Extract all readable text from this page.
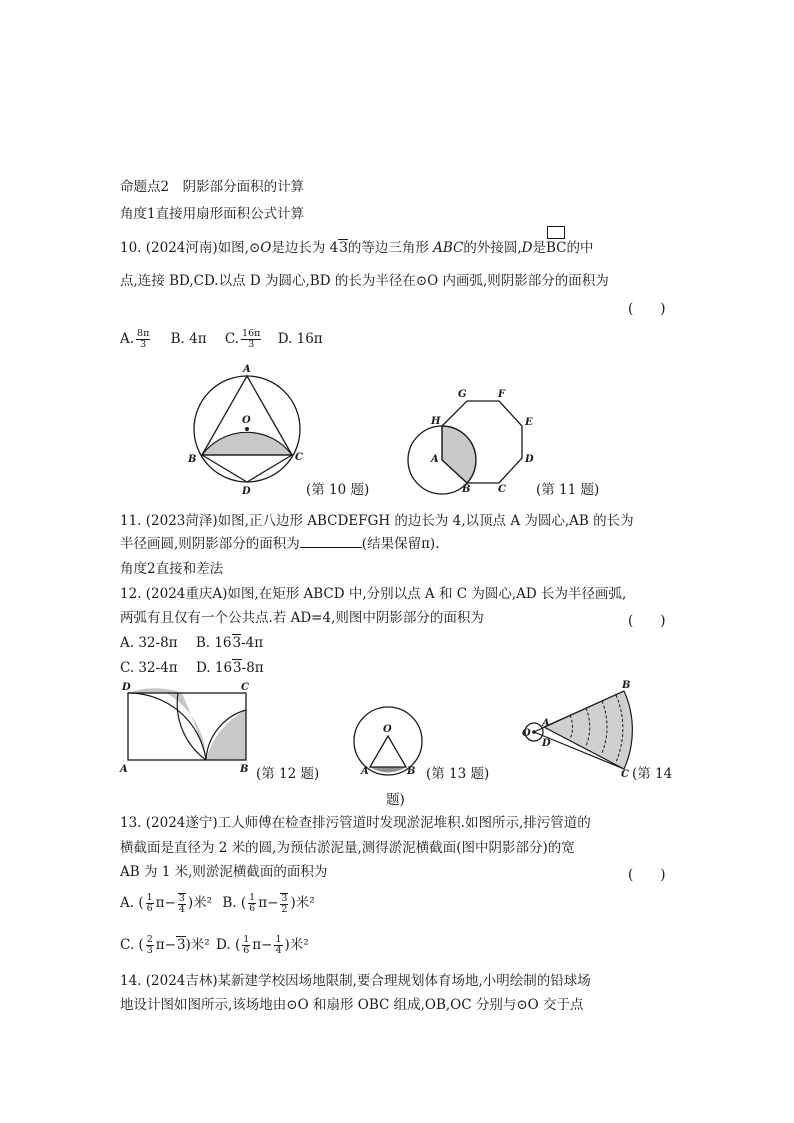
命题点2　阴影部分面积的计算
角度1直接用扇形面积公式计算
10. (2024河南)如图,⊙O是边长为 43的等边三角形 ABC的外接圆,D是
BC的中
点,连接 BD,CD.以点 D 为圆心,BD 的长为半径在⊙O 内画弧,则阴影部分的面积为
(　　)
A. $\frac{8\pi}{3} B$. 4π C. $\frac{16\pi}{3} D$. 16π
A
O
B	C
D	(第 10 题)
G	F
H	E
A	D
B	C (第 11 题)
11. (2023菏泽)如图,正八边形 ABCDEFGH 的边长为 4,以顶点 A 为圆心,AB 的长为
半径画圆,则阴影部分的面积为	(结果保留π).
角度2直接和差法
12. (2024重庆A)如图,在矩形 ABCD 中,分别以点 A 和 C 为圆心,AD 长为半径画弧,
两弧有且仅有一个公共点.若 AD=4,则图中阴影部分的面积为	(　　)
A. 32-8π B. 163-4π
C. 32-4π D. 163-8π
D	C
A	B (第 12 题)
O
A	B (第 13 题)
B
A
O
D
C (第 14
题)
13. (2024遂宁)工人师傅在检查排污管道时发现淤泥堆积.如图所示,排污管道的
横截面是直径为 2 米的圆,为预估淤泥量,测得淤泥横截面(图中阴影部分)的宽
AB 为 1 米,则淤泥横截面的面积为	(　　)
A. ( $\frac{1}{6} \pi- \frac{3}{4}$ )米² B. ( $\frac{1}{6} \pi- \frac{3}{2}$ )米²
C. ( $\frac{2}{3} \pi-3$)米² D. ( $\frac{1}{6} \pi- \frac{1}{4}$ )米²
14. (2024吉林)某新建学校因场地限制,要合理规划体育场地,小明绘制的铅球场
地设计图如图所示,该场地由⊙O 和扇形 OBC 组成,OB,OC 分别与⊙O 交于点
